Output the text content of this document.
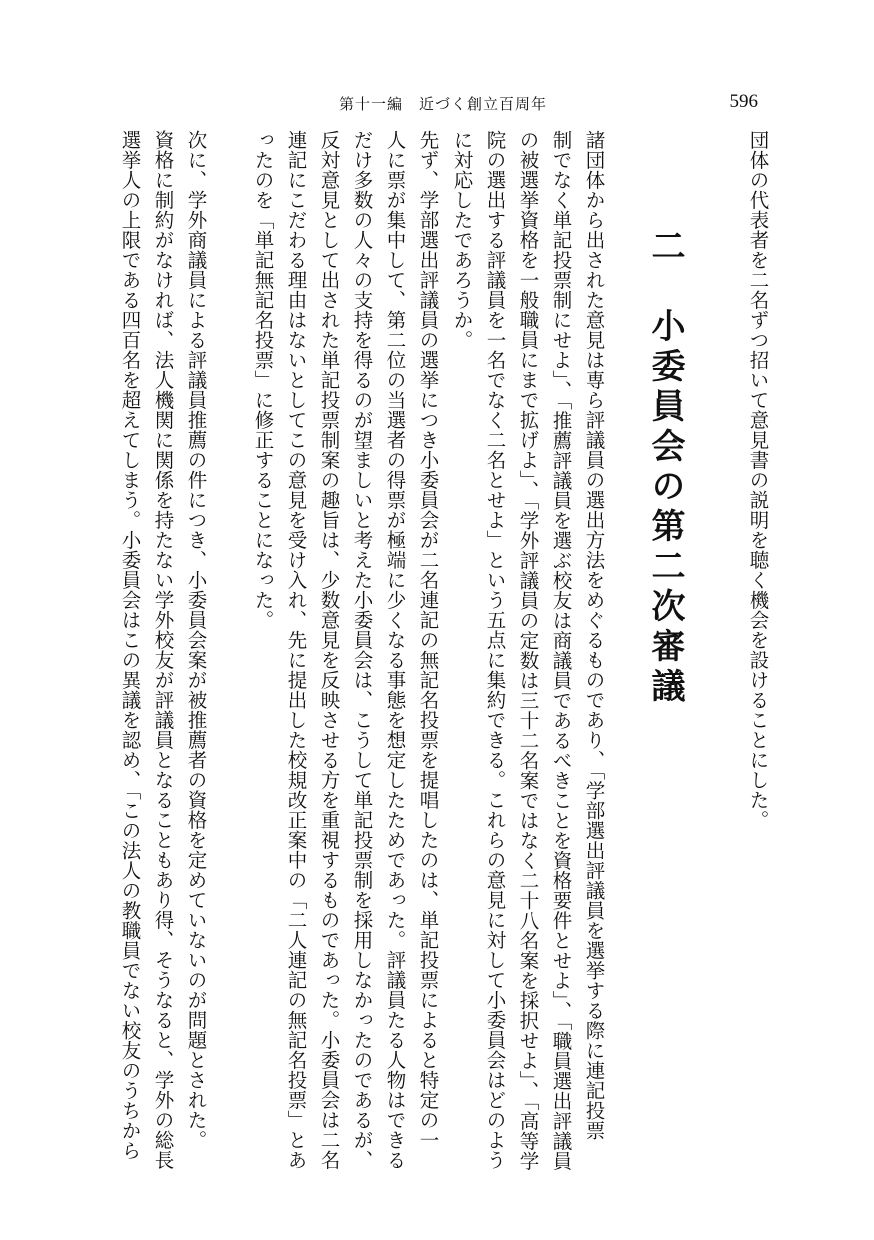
第十一編　近づく創立百周年	596
団体の代表者を二名ずつ招いて意見書の説明を聴く機会を設けることにした。
二　小委員会の第二次審議
諸団体から出された意見は専ら評議員の選出方法をめぐるものであり、「学部選出評議員を選挙する際に連記投票
制でなく単記投票制にせよ」、「推薦評議員を選ぶ校友は商議員であるべきことを資格要件とせよ」、「職員選出評議員
の被選挙資格を一般職員にまで拡げよ」、「学外評議員の定数は三十二名案ではなく二十八名案を採択せよ」、「高等学
院の選出する評議員を一名でなく二名とせよ」という五点に集約できる。これらの意見に対して小委員会はどのよう
に対応したであろうか。
先ず、学部選出評議員の選挙につき小委員会が二名連記の無記名投票を提唱したのは、単記投票によると特定の一
人に票が集中して、第二位の当選者の得票が極端に少くなる事態を想定したためであった。評議員たる人物はできる
だけ多数の人々の支持を得るのが望ましいと考えた小委員会は、こうして単記投票制を採用しなかったのであるが、
反対意見として出された単記投票制案の趣旨は、少数意見を反映させる方を重視するものであった。小委員会は二名
連記にこだわる理由はないとしてこの意見を受け入れ、先に提出した校規改正案中の「二人連記の無記名投票」とあ
ったのを「単記無記名投票」に修正することになった。
次に、学外商議員による評議員推薦の件につき、小委員会案が被推薦者の資格を定めていないのが問題とされた。
資格に制約がなければ、法人機関に関係を持たない学外校友が評議員となることもあり得、そうなると、学外の総長
選挙人の上限である四百名を超えてしまう。小委員会はこの異議を認め、「この法人の教職員でない校友のうちから
